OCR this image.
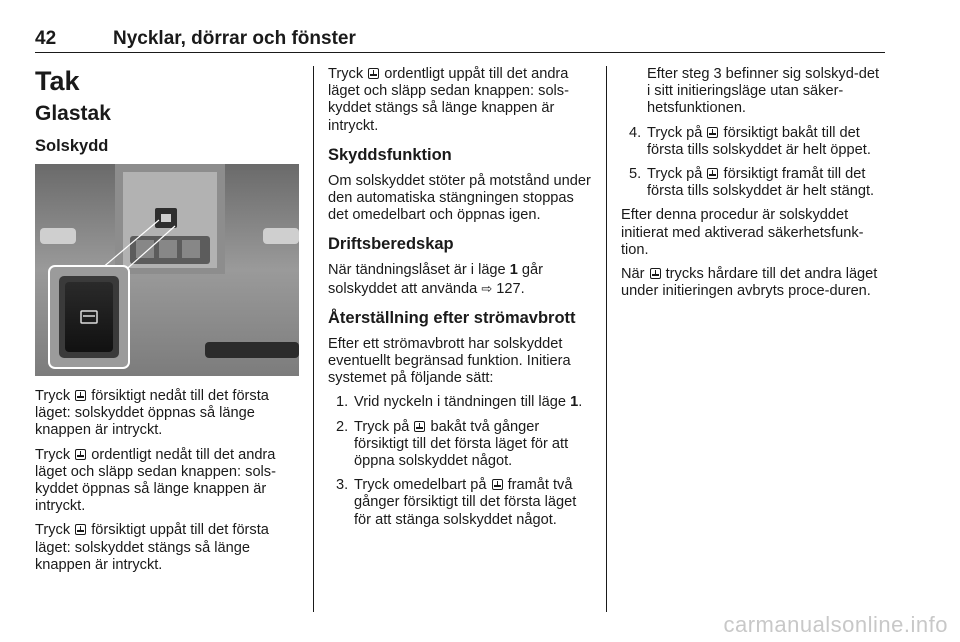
42	Nycklar, dörrar och fönster
Tak
Glastak
Solskydd

Tryck  försiktigt nedåt till det första läget: solskyddet öppnas så länge knappen är intryckt.

Tryck  ordentligt nedåt till det andra läget och släpp sedan knappen: sols-kyddet öppnas så länge knappen är intryckt.

Tryck  försiktigt uppåt till det första läget: solskyddet stängs så länge knappen är intryckt.

Tryck  ordentligt uppåt till det andra läget och släpp sedan knappen: sols-kyddet stängs så länge knappen är intryckt.

Skyddsfunktion

Om solskyddet stöter på motstånd under den automatiska stängningen stoppas det omedelbart och öppnas igen.

Driftsberedskap

När tändningslåset är i läge 1 går solskyddet att använda ⇨ 127.

Återställning efter strömavbrott

Efter ett strömavbrott har solskyddet eventuellt begränsad funktion. Initiera systemet på följande sätt:

1. Vrid nyckeln i tändningen till läge 1.
2. Tryck på  bakåt två gånger försiktigt till det första läget för att öppna solskyddet något.
3. Tryck omedelbart på  framåt två gånger försiktigt till det första läget för att stänga solskyddet något.
Efter steg 3 befinner sig solskyd-det i sitt initieringsläge utan säker-hetsfunktionen.
4. Tryck på  försiktigt bakåt till det första tills solskyddet är helt öppet.
5. Tryck på  försiktigt framåt till det första tills solskyddet är helt stängt.

Efter denna procedur är solskyddet initierat med aktiverad säkerhetsfunk-tion.

När  trycks hårdare till det andra läget under initieringen avbryts proce-duren.

carmanualsonline.info
